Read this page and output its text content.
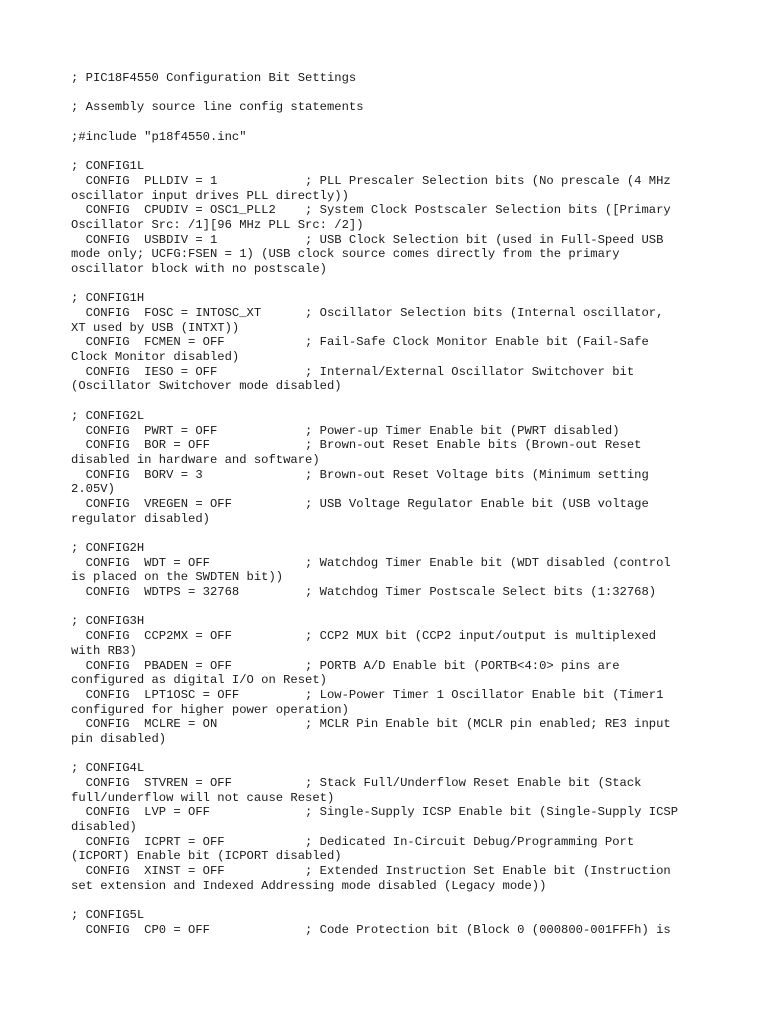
; PIC18F4550 Configuration Bit Settings
; Assembly source line config statements
;#include "p18f4550.inc"
; CONFIG1L
CONFIG  PLLDIV = 1            ; PLL Prescaler Selection bits (No prescale (4 MHz
oscillator input drives PLL directly))
CONFIG  CPUDIV = OSC1_PLL2    ; System Clock Postscaler Selection bits ([Primary
Oscillator Src: /1][96 MHz PLL Src: /2])
CONFIG  USBDIV = 1            ; USB Clock Selection bit (used in Full-Speed USB
mode only; UCFG:FSEN = 1) (USB clock source comes directly from the primary
oscillator block with no postscale)
; CONFIG1H
CONFIG  FOSC = INTOSC_XT      ; Oscillator Selection bits (Internal oscillator,
XT used by USB (INTXT))
CONFIG  FCMEN = OFF           ; Fail-Safe Clock Monitor Enable bit (Fail-Safe
Clock Monitor disabled)
CONFIG  IESO = OFF            ; Internal/External Oscillator Switchover bit
(Oscillator Switchover mode disabled)
; CONFIG2L
CONFIG  PWRT = OFF            ; Power-up Timer Enable bit (PWRT disabled)
CONFIG  BOR = OFF             ; Brown-out Reset Enable bits (Brown-out Reset
disabled in hardware and software)
CONFIG  BORV = 3              ; Brown-out Reset Voltage bits (Minimum setting
2.05V)
CONFIG  VREGEN = OFF          ; USB Voltage Regulator Enable bit (USB voltage
regulator disabled)
; CONFIG2H
CONFIG  WDT = OFF             ; Watchdog Timer Enable bit (WDT disabled (control
is placed on the SWDTEN bit))
CONFIG  WDTPS = 32768         ; Watchdog Timer Postscale Select bits (1:32768)
; CONFIG3H
CONFIG  CCP2MX = OFF          ; CCP2 MUX bit (CCP2 input/output is multiplexed
with RB3)
CONFIG  PBADEN = OFF          ; PORTB A/D Enable bit (PORTB<4:0> pins are
configured as digital I/O on Reset)
CONFIG  LPT1OSC = OFF         ; Low-Power Timer 1 Oscillator Enable bit (Timer1
configured for higher power operation)
CONFIG  MCLRE = ON            ; MCLR Pin Enable bit (MCLR pin enabled; RE3 input
pin disabled)
; CONFIG4L
CONFIG  STVREN = OFF          ; Stack Full/Underflow Reset Enable bit (Stack
full/underflow will not cause Reset)
CONFIG  LVP = OFF             ; Single-Supply ICSP Enable bit (Single-Supply ICSP
disabled)
CONFIG  ICPRT = OFF           ; Dedicated In-Circuit Debug/Programming Port
(ICPORT) Enable bit (ICPORT disabled)
CONFIG  XINST = OFF           ; Extended Instruction Set Enable bit (Instruction
set extension and Indexed Addressing mode disabled (Legacy mode))
; CONFIG5L
CONFIG  CP0 = OFF             ; Code Protection bit (Block 0 (000800-001FFFh) is
